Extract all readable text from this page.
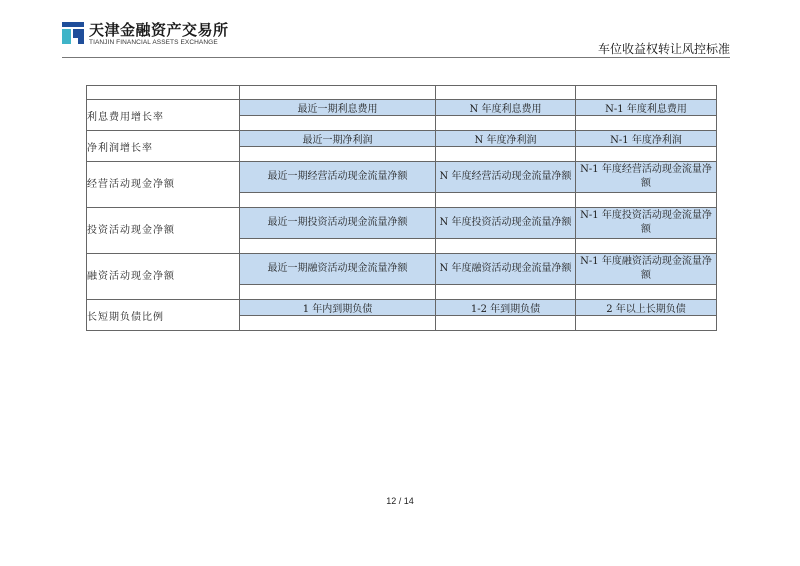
天津金融资产交易所
TIANJIN FINANCIAL ASSETS EXCHANGE	车位收益权转让风控标准

利息费用增长率	最近一期利息费用	N 年度利息费用	N-1 年度利息费用

净利润增长率	最近一期净利润	N 年度净利润	N-1 年度净利润

经营活动现金净额	最近一期经营活动现金流量净额	N 年度经营活动现金流量净额	N-1 年度经营活动现金流量净额

投资活动现金净额	最近一期投资活动现金流量净额	N 年度投资活动现金流量净额	N-1 年度投资活动现金流量净额

融资活动现金净额	最近一期融资活动现金流量净额	N 年度融资活动现金流量净额	N-1 年度融资活动现金流量净额

长短期负债比例	1 年内到期负债	1-2 年到期负债	2 年以上长期负债

12 / 14
